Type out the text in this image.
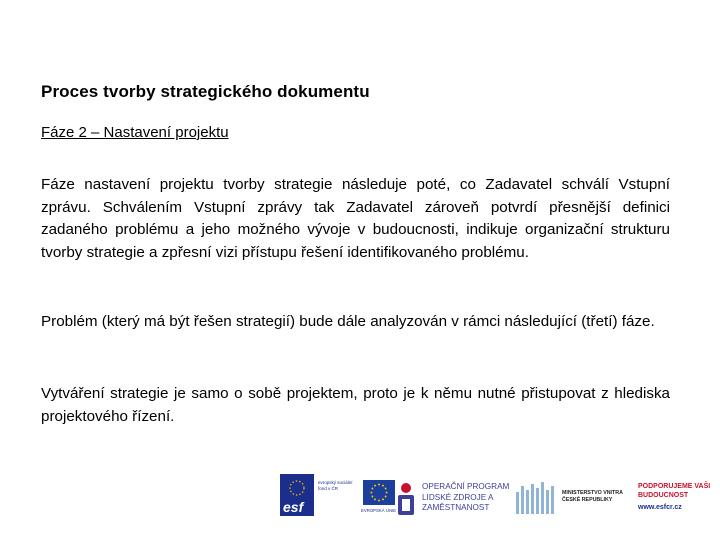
Proces tvorby strategického dokumentu
Fáze 2 – Nastavení projektu

Fáze nastavení projektu tvorby strategie následuje poté, co Zadavatel schválí Vstupní zprávu. Schválením Vstupní zprávy tak Zadavatel zároveň potvrdí přesnější definici zadaného problému a jeho možného vývoje v budoucnosti, indikuje organizační strukturu tvorby strategie a zpřesní vizi přístupu řešení identifikovaného problému.

Problém (který má být řešen strategií) bude dále analyzován v rámci následující (třetí) fáze.

Vytváření strategie je samo o sobě projektem, proto je k němu nutné přistupovat z hlediska projektového řízení.

esf
evropský sociální fond v ČR
EVROPSKÁ UNIE
OPERAČNÍ PROGRAM LIDSKÉ ZDROJE A ZAMĚSTNANOST
MINISTERSTVO VNITRA ČESKÉ REPUBLIKY
PODPORUJEME VAŠI BUDOUCNOST
www.esfcr.cz
